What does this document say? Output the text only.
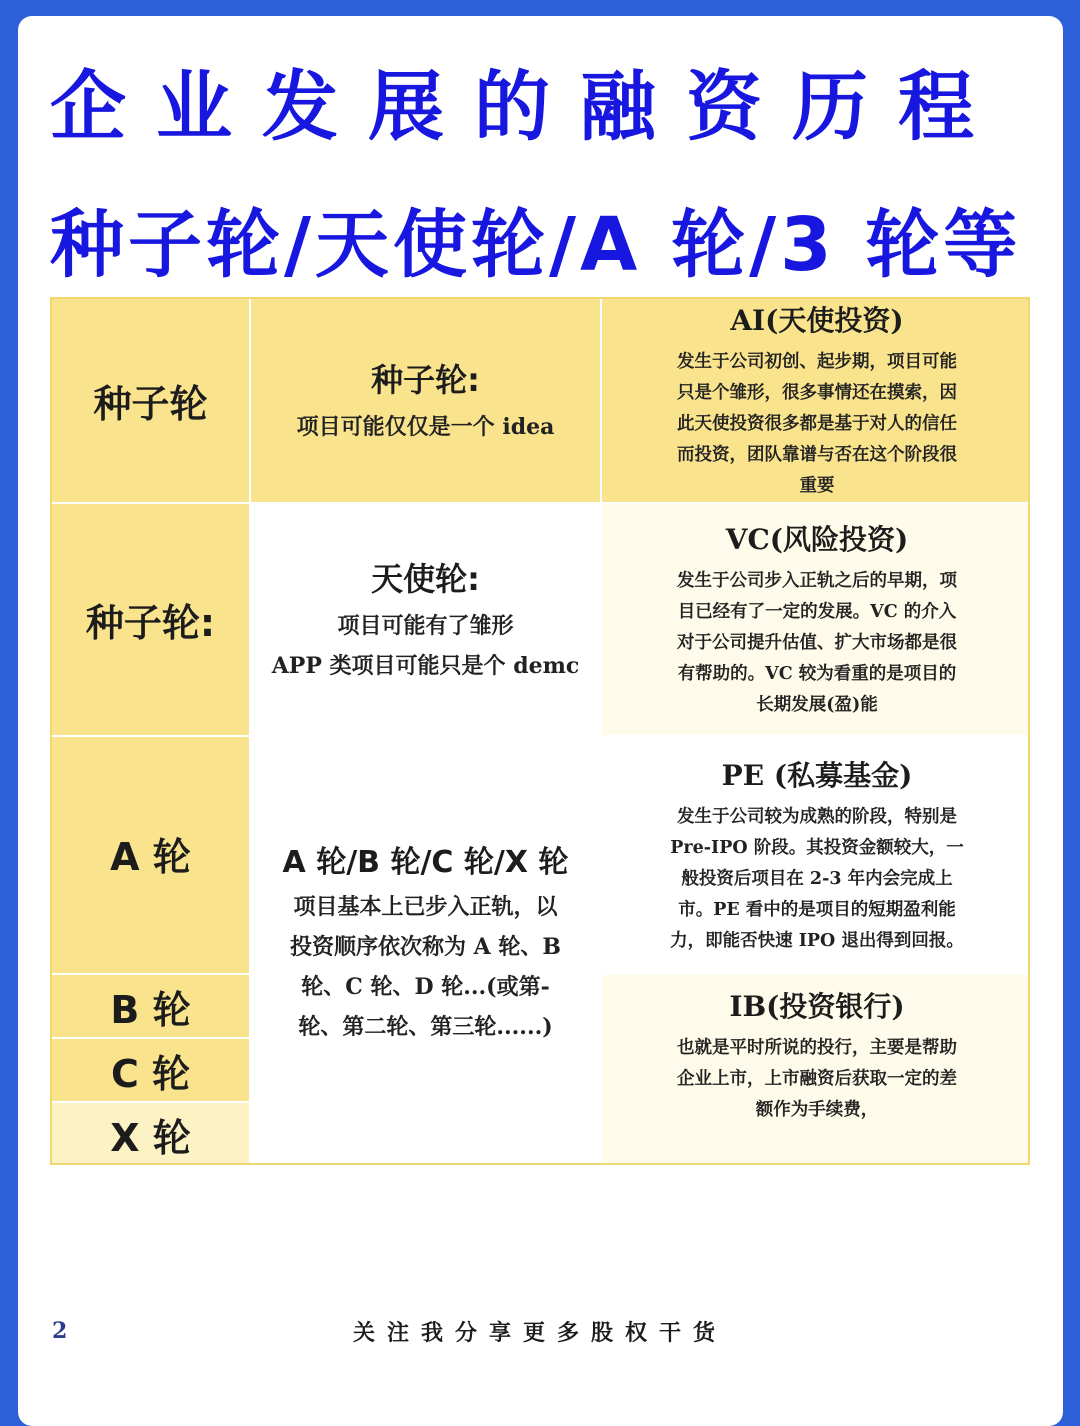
企业发展的融资历程
种子轮/天使轮/A 轮/3 轮等
种子轮
种子轮:
A 轮
B 轮
C 轮
X 轮
种子轮:
项目可能仅仅是一个 idea
天使轮:
项目可能有了雏形
APP 类项目可能只是个 demc
A 轮/B 轮/C 轮/X 轮
项目基本上已步入正轨，以
投资顺序依次称为 A 轮、B
轮、C 轮、D 轮...(或第-
轮、第二轮、第三轮......)
AI(天使投资)
发生于公司初创、起步期，项目可能
只是个雏形，很多事情还在摸索，因
此天使投资很多都是基于对人的信任
而投资，团队靠谱与否在这个阶段很
重要
VC(风险投资)
发生于公司步入正轨之后的早期，项
目已经有了一定的发展。VC 的介入
对于公司提升估值、扩大市场都是很
有帮助的。VC 较为看重的是项目的
长期发展(盈)能
PE (私募基金)
发生于公司较为成熟的阶段，特别是
Pre-IPO 阶段。其投资金额较大，一
般投资后项目在 2-3 年内会完成上
市。PE 看中的是项目的短期盈利能
力，即能否快速 IPO 退出得到回报。
IB(投资银行)
也就是平时所说的投行，主要是帮助
企业上市，上市融资后获取一定的差
额作为手续费，
2	关注我分享更多股权干货
